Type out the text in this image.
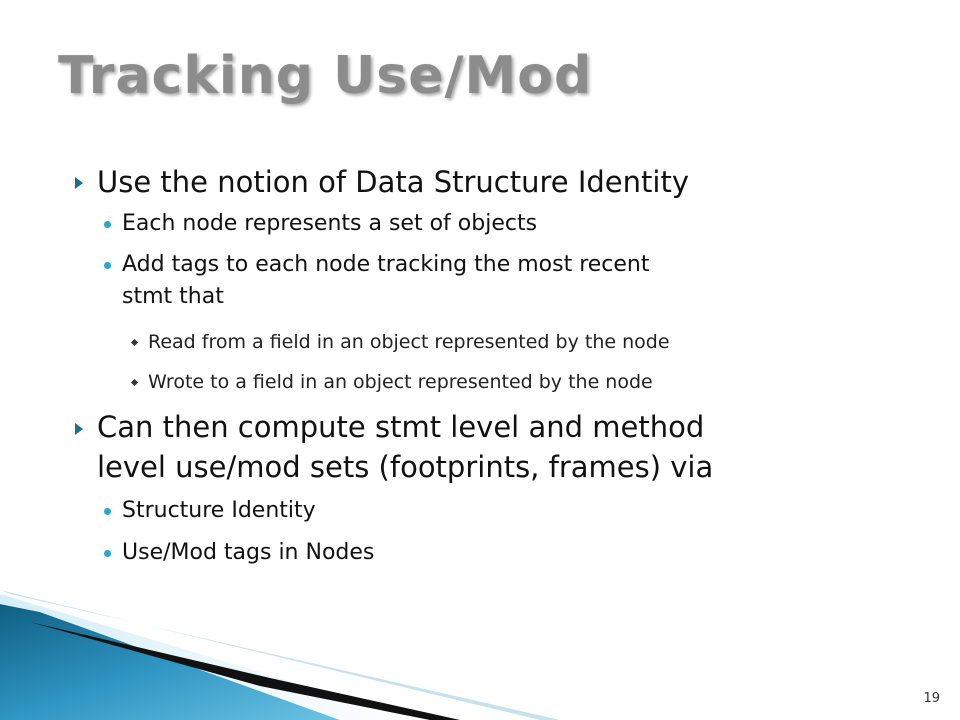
Tracking Use/Mod
Use the notion of Data Structure Identity
Each node represents a set of objects
Add tags to each node tracking the most recent
stmt that
Read from a field in an object represented by the node
Wrote to a field in an object represented by the node
Can then compute stmt level and method
level use/mod sets (footprints, frames) via
Structure Identity
Use/Mod tags in Nodes
19
